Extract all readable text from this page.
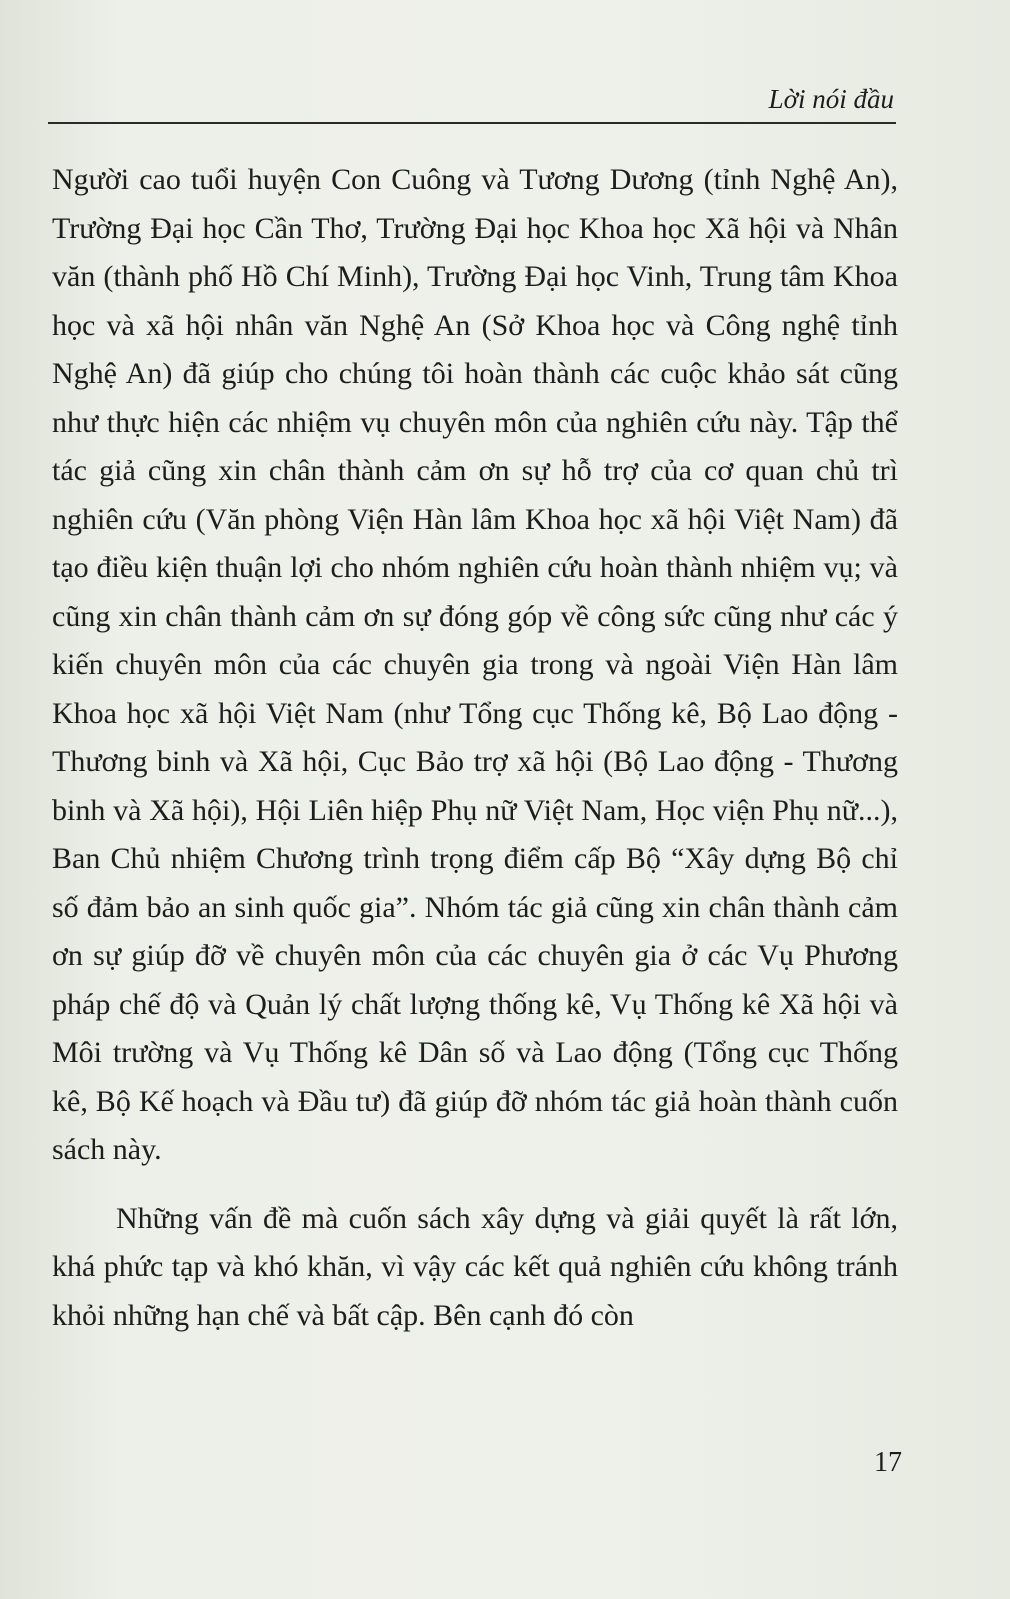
Lời nói đầu

Người cao tuổi huyện Con Cuông và Tương Dương (tỉnh Nghệ An), Trường Đại học Cần Thơ, Trường Đại học Khoa học Xã hội và Nhân văn (thành phố Hồ Chí Minh), Trường Đại học Vinh, Trung tâm Khoa học và xã hội nhân văn Nghệ An (Sở Khoa học và Công nghệ tỉnh Nghệ An) đã giúp cho chúng tôi hoàn thành các cuộc khảo sát cũng như thực hiện các nhiệm vụ chuyên môn của nghiên cứu này. Tập thể tác giả cũng xin chân thành cảm ơn sự hỗ trợ của cơ quan chủ trì nghiên cứu (Văn phòng Viện Hàn lâm Khoa học xã hội Việt Nam) đã tạo điều kiện thuận lợi cho nhóm nghiên cứu hoàn thành nhiệm vụ; và cũng xin chân thành cảm ơn sự đóng góp về công sức cũng như các ý kiến chuyên môn của các chuyên gia trong và ngoài Viện Hàn lâm Khoa học xã hội Việt Nam (như Tổng cục Thống kê, Bộ Lao động - Thương binh và Xã hội, Cục Bảo trợ xã hội (Bộ Lao động - Thương binh và Xã hội), Hội Liên hiệp Phụ nữ Việt Nam, Học viện Phụ nữ...), Ban Chủ nhiệm Chương trình trọng điểm cấp Bộ “Xây dựng Bộ chỉ số đảm bảo an sinh quốc gia”. Nhóm tác giả cũng xin chân thành cảm ơn sự giúp đỡ về chuyên môn của các chuyên gia ở các Vụ Phương pháp chế độ và Quản lý chất lượng thống kê, Vụ Thống kê Xã hội và Môi trường và Vụ Thống kê Dân số và Lao động (Tổng cục Thống kê, Bộ Kế hoạch và Đầu tư) đã giúp đỡ nhóm tác giả hoàn thành cuốn sách này.

Những vấn đề mà cuốn sách xây dựng và giải quyết là rất lớn, khá phức tạp và khó khăn, vì vậy các kết quả nghiên cứu không tránh khỏi những hạn chế và bất cập. Bên cạnh đó còn

17
